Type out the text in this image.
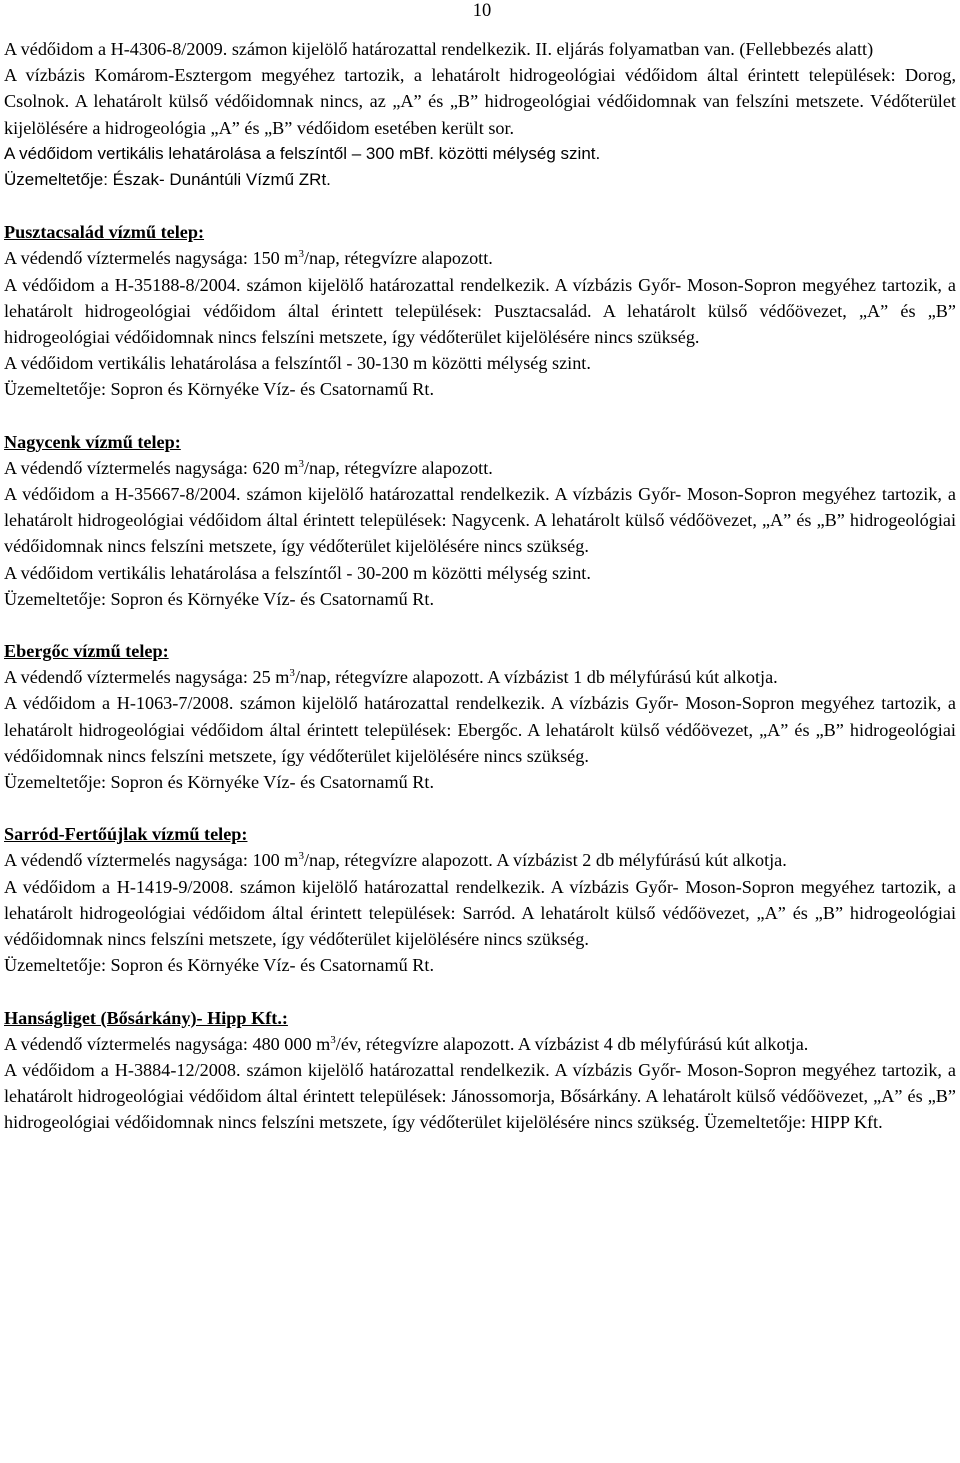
10

A védőidom a H-4306-8/2009. számon kijelölő határozattal rendelkezik. II. eljárás folyamatban van. (Fellebbezés alatt)

A vízbázis Komárom-Esztergom megyéhez tartozik, a lehatárolt hidrogeológiai védőidom által érintett települések: Dorog, Csolnok. A lehatárolt külső védőidomnak nincs, az „A” és „B” hidrogeológiai védőidomnak van felszíni metszete. Védőterület kijelölésére a hidrogeológia „A” és „B” védőidom esetében került sor.

A védőidom vertikális lehatárolása a felszíntől – 300 mBf. közötti mélység szint.

Üzemeltetője: Észak- Dunántúli Vízmű ZRt.

Pusztacsalád vízmű telep:

A védendő víztermelés nagysága: 150 $m^3$/nap, rétegvízre alapozott.

A védőidom a H-35188-8/2004. számon kijelölő határozattal rendelkezik. A vízbázis Győr- Moson-Sopron megyéhez tartozik, a lehatárolt hidrogeológiai védőidom által érintett települések: Pusztacsalád. A lehatárolt külső védőövezet, „A” és „B” hidrogeológiai védőidomnak nincs felszíni metszete, így védőterület kijelölésére nincs szükség.

A védőidom vertikális lehatárolása a felszíntől - 30-130 m közötti mélység szint.

Üzemeltetője: Sopron és Környéke Víz- és Csatornamű Rt.

Nagycenk vízmű telep:

A védendő víztermelés nagysága: 620 $m^3$/nap, rétegvízre alapozott.

A védőidom a H-35667-8/2004. számon kijelölő határozattal rendelkezik. A vízbázis Győr- Moson-Sopron megyéhez tartozik, a lehatárolt hidrogeológiai védőidom által érintett települések: Nagycenk. A lehatárolt külső védőövezet, „A” és „B” hidrogeológiai védőidomnak nincs felszíni metszete, így védőterület kijelölésére nincs szükség.

A védőidom vertikális lehatárolása a felszíntől - 30-200 m közötti mélység szint.

Üzemeltetője: Sopron és Környéke Víz- és Csatornamű Rt.

Ebergőc vízmű telep:

A védendő víztermelés nagysága: 25 $m^3$/nap, rétegvízre alapozott. A vízbázist 1 db mélyfúrású kút alkotja.

A védőidom a H-1063-7/2008. számon kijelölő határozattal rendelkezik. A vízbázis Győr- Moson-Sopron megyéhez tartozik, a lehatárolt hidrogeológiai védőidom által érintett települések: Ebergőc. A lehatárolt külső védőövezet, „A” és „B” hidrogeológiai védőidomnak nincs felszíni metszete, így védőterület kijelölésére nincs szükség.

Üzemeltetője: Sopron és Környéke Víz- és Csatornamű Rt.

Sarród-Fertőújlak vízmű telep:

A védendő víztermelés nagysága: 100 $m^3$/nap, rétegvízre alapozott. A vízbázist 2 db mélyfúrású kút alkotja.

A védőidom a H-1419-9/2008. számon kijelölő határozattal rendelkezik. A vízbázis Győr- Moson-Sopron megyéhez tartozik, a lehatárolt hidrogeológiai védőidom által érintett települések: Sarród. A lehatárolt külső védőövezet, „A” és „B” hidrogeológiai védőidomnak nincs felszíni metszete, így védőterület kijelölésére nincs szükség.

Üzemeltetője: Sopron és Környéke Víz- és Csatornamű Rt.

Hanságliget (Bősárkány)- Hipp Kft.:

A védendő víztermelés nagysága: 480 000 $m^3/év$, rétegvízre alapozott. A vízbázist 4 db mélyfúrású kút alkotja.

A védőidom a H-3884-12/2008. számon kijelölő határozattal rendelkezik. A vízbázis Győr- Moson-Sopron megyéhez tartozik, a lehatárolt hidrogeológiai védőidom által érintett települések: Jánossomorja, Bősárkány. A lehatárolt külső védőövezet, „A” és „B” hidrogeológiai védőidomnak nincs felszíni metszete, így védőterület kijelölésére nincs szükség. Üzemeltetője: HIPP Kft.
